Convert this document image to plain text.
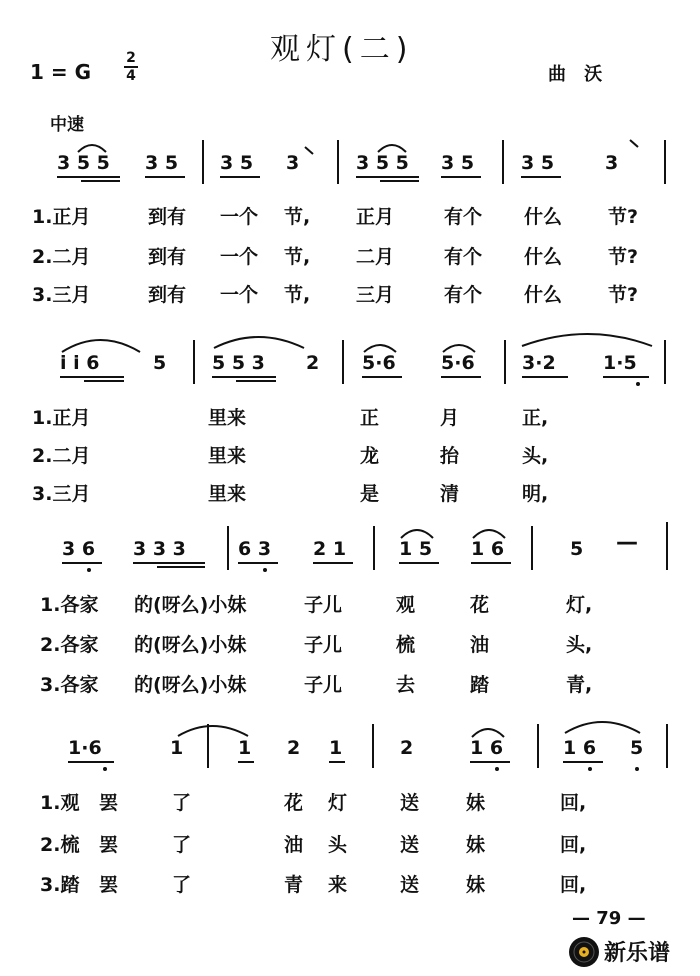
观灯(二)
1 = G
2
4	曲 沃
中速
3 5 5 3 5 3 5 3	3 5 5 3 5 3 5	3
1.正月	到有 一个 节, 正月	有个 什么 节?
2.二月	到有 一个 节, 二月	有个 什么 节?
3.三月	到有 一个 节, 三月	有个 什么 节?
i i 6	5 5 5 3 2 5·6 5·6 3·2 1·5
1.正月	里来	正	月	正,
2.二月	里来	龙	抬	头,
3.三月	里来	是	清	明,
3 6 3 3 3	6 3 2 1	1 5 1 6	5 —
1.各家 的(呀么)小妹	子儿	观	花	灯,
2.各家 的(呀么)小妹	子儿	梳	油	头,
3.各家 的(呀么)小妹	子儿	去	踏	青,
1·6	1	1 2 1	2	1 6	1 6 5
1.观 罢	了	花 灯	送 妹	回,
2.梳 罢	了	油 头	送 妹	回,
3.踏 罢	了	青 来	送 妹	回,
— 79 —
新乐谱
